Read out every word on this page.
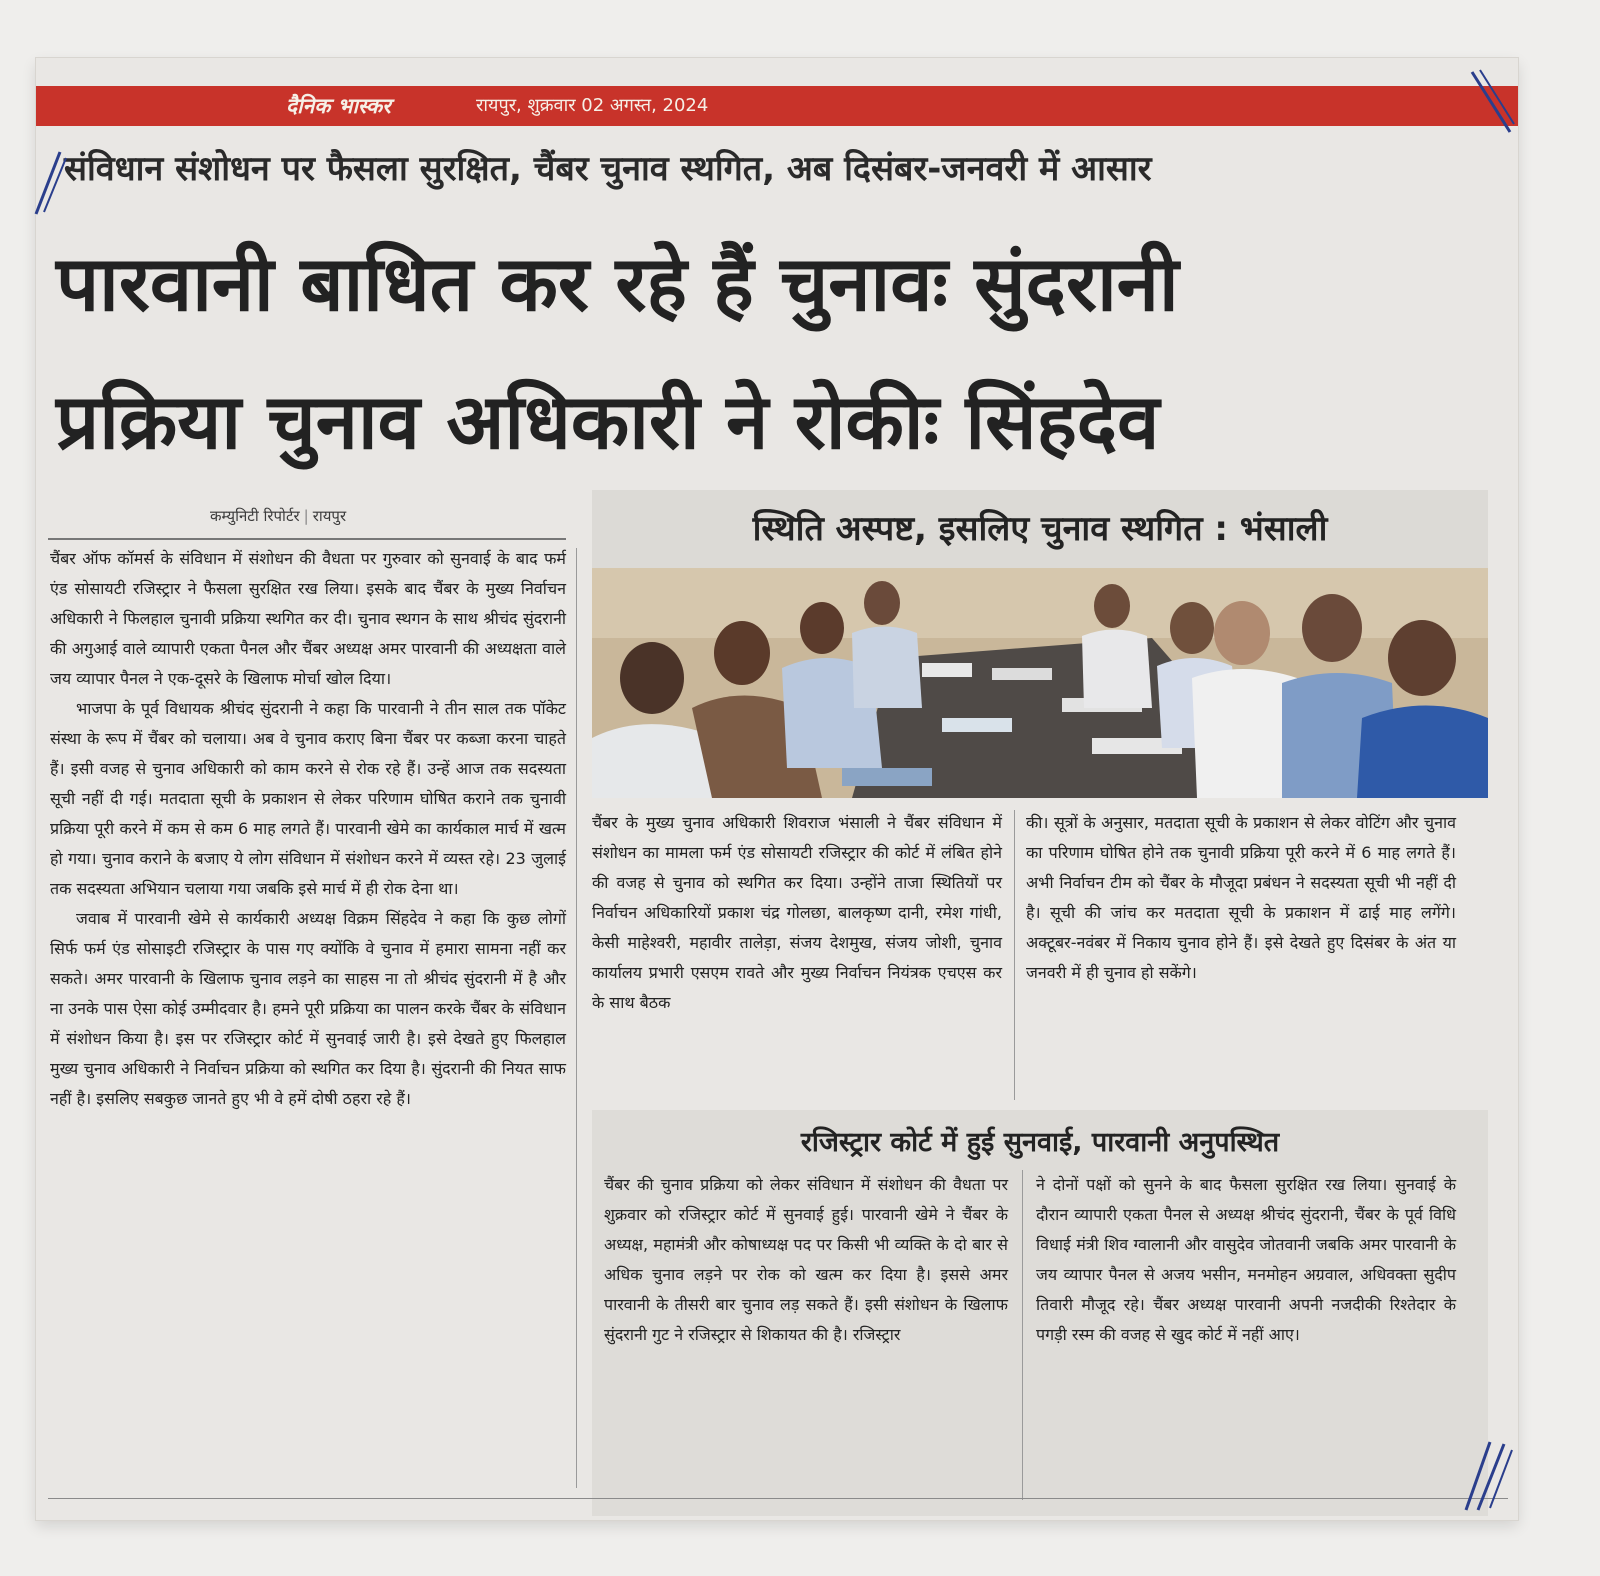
दैनिक भास्कर	रायपुर, शुक्रवार 02 अगस्त, 2024
संविधान संशोधन पर फैसला सुरक्षित, चैंबर चुनाव स्थगित, अब दिसंबर-जनवरी में आसार
पारवानी बाधित कर रहे हैं चुनावः सुंदरानी
प्रक्रिया चुनाव अधिकारी ने रोकीः सिंहदेव
कम्युनिटी रिपोर्टर | रायपुर

चैंबर ऑफ कॉमर्स के संविधान में संशोधन की वैधता पर गुरुवार को सुनवाई के बाद फर्म एंड सोसायटी रजिस्ट्रार ने फैसला सुरक्षित रख लिया। इसके बाद चैंबर के मुख्य निर्वाचन अधिकारी ने फिलहाल चुनावी प्रक्रिया स्थगित कर दी। चुनाव स्थगन के साथ श्रीचंद सुंदरानी की अगुआई वाले व्यापारी एकता पैनल और चैंबर अध्यक्ष अमर पारवानी की अध्यक्षता वाले जय व्यापार पैनल ने एक-दूसरे के खिलाफ मोर्चा खोल दिया।

भाजपा के पूर्व विधायक श्रीचंद सुंदरानी ने कहा कि पारवानी ने तीन साल तक पॉकेट संस्था के रूप में चैंबर को चलाया। अब वे चुनाव कराए बिना चैंबर पर कब्जा करना चाहते हैं। इसी वजह से चुनाव अधिकारी को काम करने से रोक रहे हैं। उन्हें आज तक सदस्यता सूची नहीं दी गई। मतदाता सूची के प्रकाशन से लेकर परिणाम घोषित कराने तक चुनावी प्रक्रिया पूरी करने में कम से कम 6 माह लगते हैं। पारवानी खेमे का कार्यकाल मार्च में खत्म हो गया। चुनाव कराने के बजाए ये लोग संविधान में संशोधन करने में व्यस्त रहे। 23 जुलाई तक सदस्यता अभियान चलाया गया जबकि इसे मार्च में ही रोक देना था।

जवाब में पारवानी खेमे से कार्यकारी अध्यक्ष विक्रम सिंहदेव ने कहा कि कुछ लोगों सिर्फ फर्म एंड सोसाइटी रजिस्ट्रार के पास गए क्योंकि वे चुनाव में हमारा सामना नहीं कर सकते। अमर पारवानी के खिलाफ चुनाव लड़ने का साहस ना तो श्रीचंद सुंदरानी में है और ना उनके पास ऐसा कोई उम्मीदवार है। हमने पूरी प्रक्रिया का पालन करके चैंबर के संविधान में संशोधन किया है। इस पर रजिस्ट्रार कोर्ट में सुनवाई जारी है। इसे देखते हुए फिलहाल मुख्य चुनाव अधिकारी ने निर्वाचन प्रक्रिया को स्थगित कर दिया है। सुंदरानी की नियत साफ नहीं है। इसलिए सबकुछ जानते हुए भी वे हमें दोषी ठहरा रहे हैं।

स्थिति अस्पष्ट, इसलिए चुनाव स्थगित : भंसाली
चैंबर के मुख्य चुनाव अधिकारी शिवराज भंसाली ने चैंबर संविधान में संशोधन का मामला फर्म एंड सोसायटी रजिस्ट्रार की कोर्ट में लंबित होने की वजह से चुनाव को स्थगित कर दिया। उन्होंने ताजा स्थितियों पर निर्वाचन अधिकारियों प्रकाश चंद्र गोलछा, बालकृष्ण दानी, रमेश गांधी, केसी माहेश्वरी, महावीर तालेड़ा, संजय देशमुख, संजय जोशी, चुनाव कार्यालय प्रभारी एसएम रावते और मुख्य निर्वाचन नियंत्रक एचएस कर के साथ बैठक
की। सूत्रों के अनुसार, मतदाता सूची के प्रकाशन से लेकर वोटिंग और चुनाव का परिणाम घोषित होने तक चुनावी प्रक्रिया पूरी करने में 6 माह लगते हैं। अभी निर्वाचन टीम को चैंबर के मौजूदा प्रबंधन ने सदस्यता सूची भी नहीं दी है। सूची की जांच कर मतदाता सूची के प्रकाशन में ढाई माह लगेंगे। अक्टूबर-नवंबर में निकाय चुनाव होने हैं। इसे देखते हुए दिसंबर के अंत या जनवरी में ही चुनाव हो सकेंगे।
रजिस्ट्रार कोर्ट में हुई सुनवाई, पारवानी अनुपस्थित
चैंबर की चुनाव प्रक्रिया को लेकर संविधान में संशोधन की वैधता पर शुक्रवार को रजिस्ट्रार कोर्ट में सुनवाई हुई। पारवानी खेमे ने चैंबर के अध्यक्ष, महामंत्री और कोषाध्यक्ष पद पर किसी भी व्यक्ति के दो बार से अधिक चुनाव लड़ने पर रोक को खत्म कर दिया है। इससे अमर पारवानी के तीसरी बार चुनाव लड़ सकते हैं। इसी संशोधन के खिलाफ सुंदरानी गुट ने रजिस्ट्रार से शिकायत की है। रजिस्ट्रार
ने दोनों पक्षों को सुनने के बाद फैसला सुरक्षित रख लिया। सुनवाई के दौरान व्यापारी एकता पैनल से अध्यक्ष श्रीचंद सुंदरानी, चैंबर के पूर्व विधि विधाई मंत्री शिव ग्वालानी और वासुदेव जोतवानी जबकि अमर पारवानी के जय व्यापार पैनल से अजय भसीन, मनमोहन अग्रवाल, अधिवक्ता सुदीप तिवारी मौजूद रहे। चैंबर अध्यक्ष पारवानी अपनी नजदीकी रिश्तेदार के पगड़ी रस्म की वजह से खुद कोर्ट में नहीं आए।
